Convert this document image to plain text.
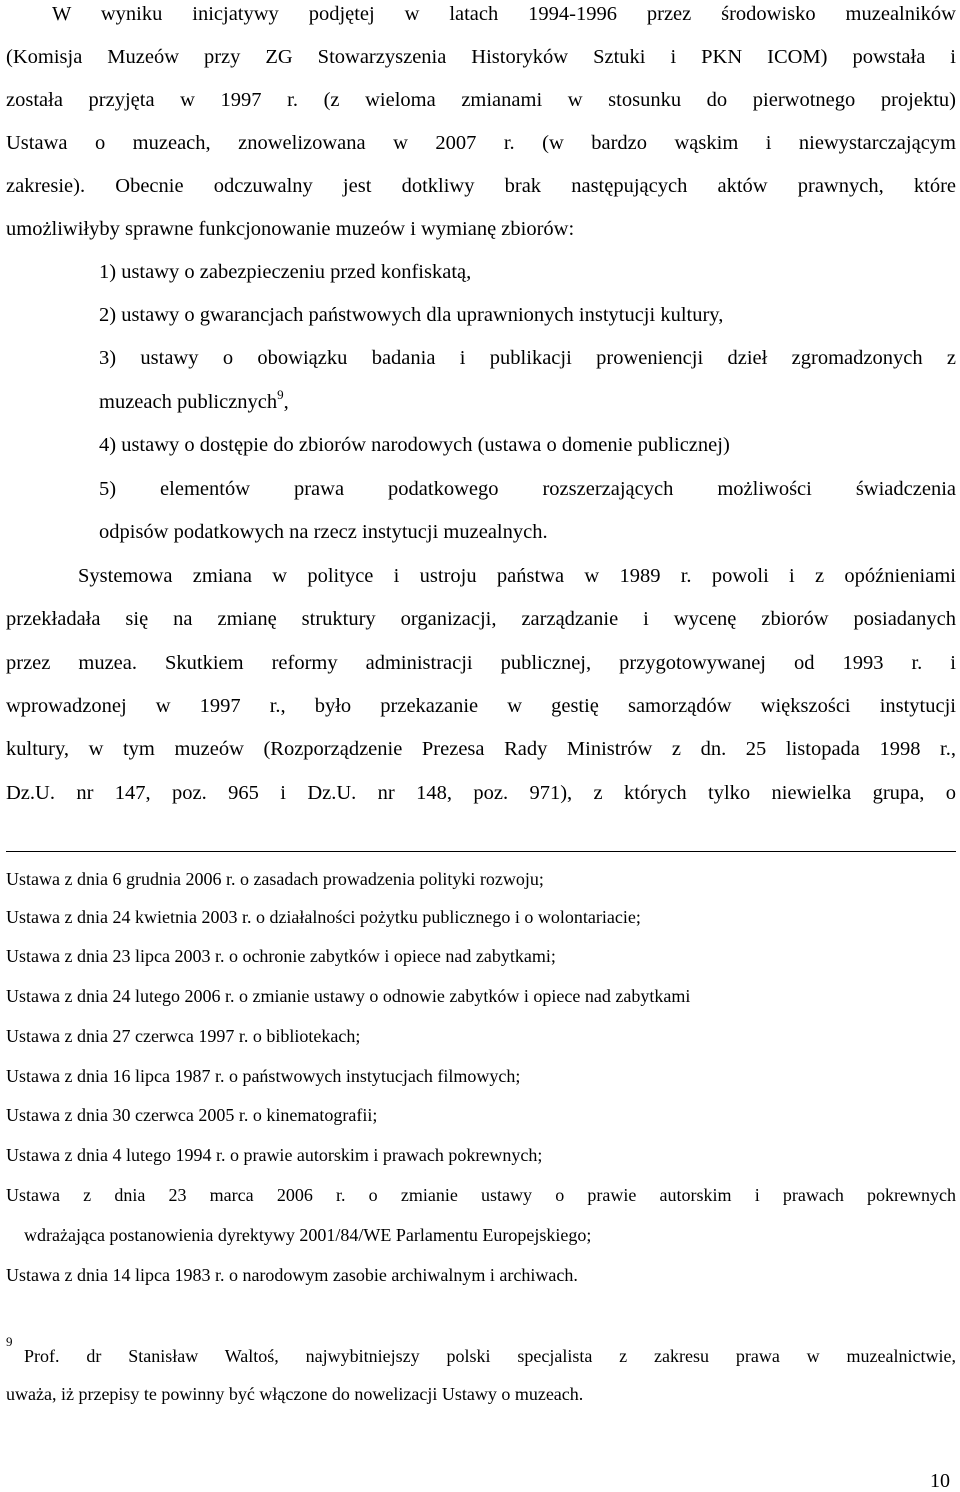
W wyniku inicjatywy podjętej w latach 1994-1996 przez środowisko muzealników
(Komisja Muzeów przy ZG Stowarzyszenia Historyków Sztuki i PKN ICOM) powstała i
została przyjęta w 1997 r. (z wieloma zmianami w stosunku do pierwotnego projektu)
Ustawa o muzeach, znowelizowana w 2007 r. (w bardzo wąskim i niewystarczającym
zakresie). Obecnie odczuwalny jest dotkliwy brak następujących aktów prawnych, które
umożliwiłyby sprawne funkcjonowanie muzeów i wymianę zbiorów:
1) ustawy o zabezpieczeniu przed konfiskatą,
2) ustawy o gwarancjach państwowych dla uprawnionych instytucji kultury,
3) ustawy o obowiązku badania i publikacji proweniencji dzieł zgromadzonych z
muzeach publicznych$^9$,
4) ustawy o dostępie do zbiorów narodowych (ustawa o domenie publicznej)
5) elementów prawa podatkowego rozszerzających możliwości świadczenia
odpisów podatkowych na rzecz instytucji muzealnych.
Systemowa zmiana w polityce i ustroju państwa w 1989 r. powoli i z opóźnieniami
przekładała się na zmianę struktury organizacji, zarządzanie i wycenę zbiorów posiadanych
przez muzea. Skutkiem reformy administracji publicznej, przygotowywanej od 1993 r. i
wprowadzonej w 1997 r., było przekazanie w gestię samorządów większości instytucji
kultury, w tym muzeów (Rozporządzenie Prezesa Rady Ministrów z dn. 25 listopada 1998 r.,
Dz.U. nr 147, poz. 965 i Dz.U. nr 148, poz. 971), z których tylko niewielka grupa, o
Ustawa z dnia 6 grudnia 2006 r. o zasadach prowadzenia polityki rozwoju;
Ustawa z dnia 24 kwietnia 2003 r. o działalności pożytku publicznego i o wolontariacie;
Ustawa z dnia 23 lipca 2003 r. o ochronie zabytków i opiece nad zabytkami;
Ustawa z dnia 24 lutego 2006 r. o zmianie ustawy o odnowie zabytków i opiece nad zabytkami
Ustawa z dnia 27 czerwca 1997 r. o bibliotekach;
Ustawa z dnia 16 lipca 1987 r. o państwowych instytucjach filmowych;
Ustawa z dnia 30 czerwca 2005 r. o kinematografii;
Ustawa z dnia 4 lutego 1994 r. o prawie autorskim i prawach pokrewnych;
Ustawa z dnia 23 marca 2006 r. o zmianie ustawy o prawie autorskim i prawach pokrewnych
wdrażająca postanowienia dyrektywy 2001/84/WE Parlamentu Europejskiego;
Ustawa z dnia 14 lipca 1983 r. o narodowym zasobie archiwalnym i archiwach.
9
Prof. dr Stanisław Waltoś, najwybitniejszy polski specjalista z zakresu prawa w muzealnictwie,
uważa, iż przepisy te powinny być włączone do nowelizacji Ustawy o muzeach.
10
